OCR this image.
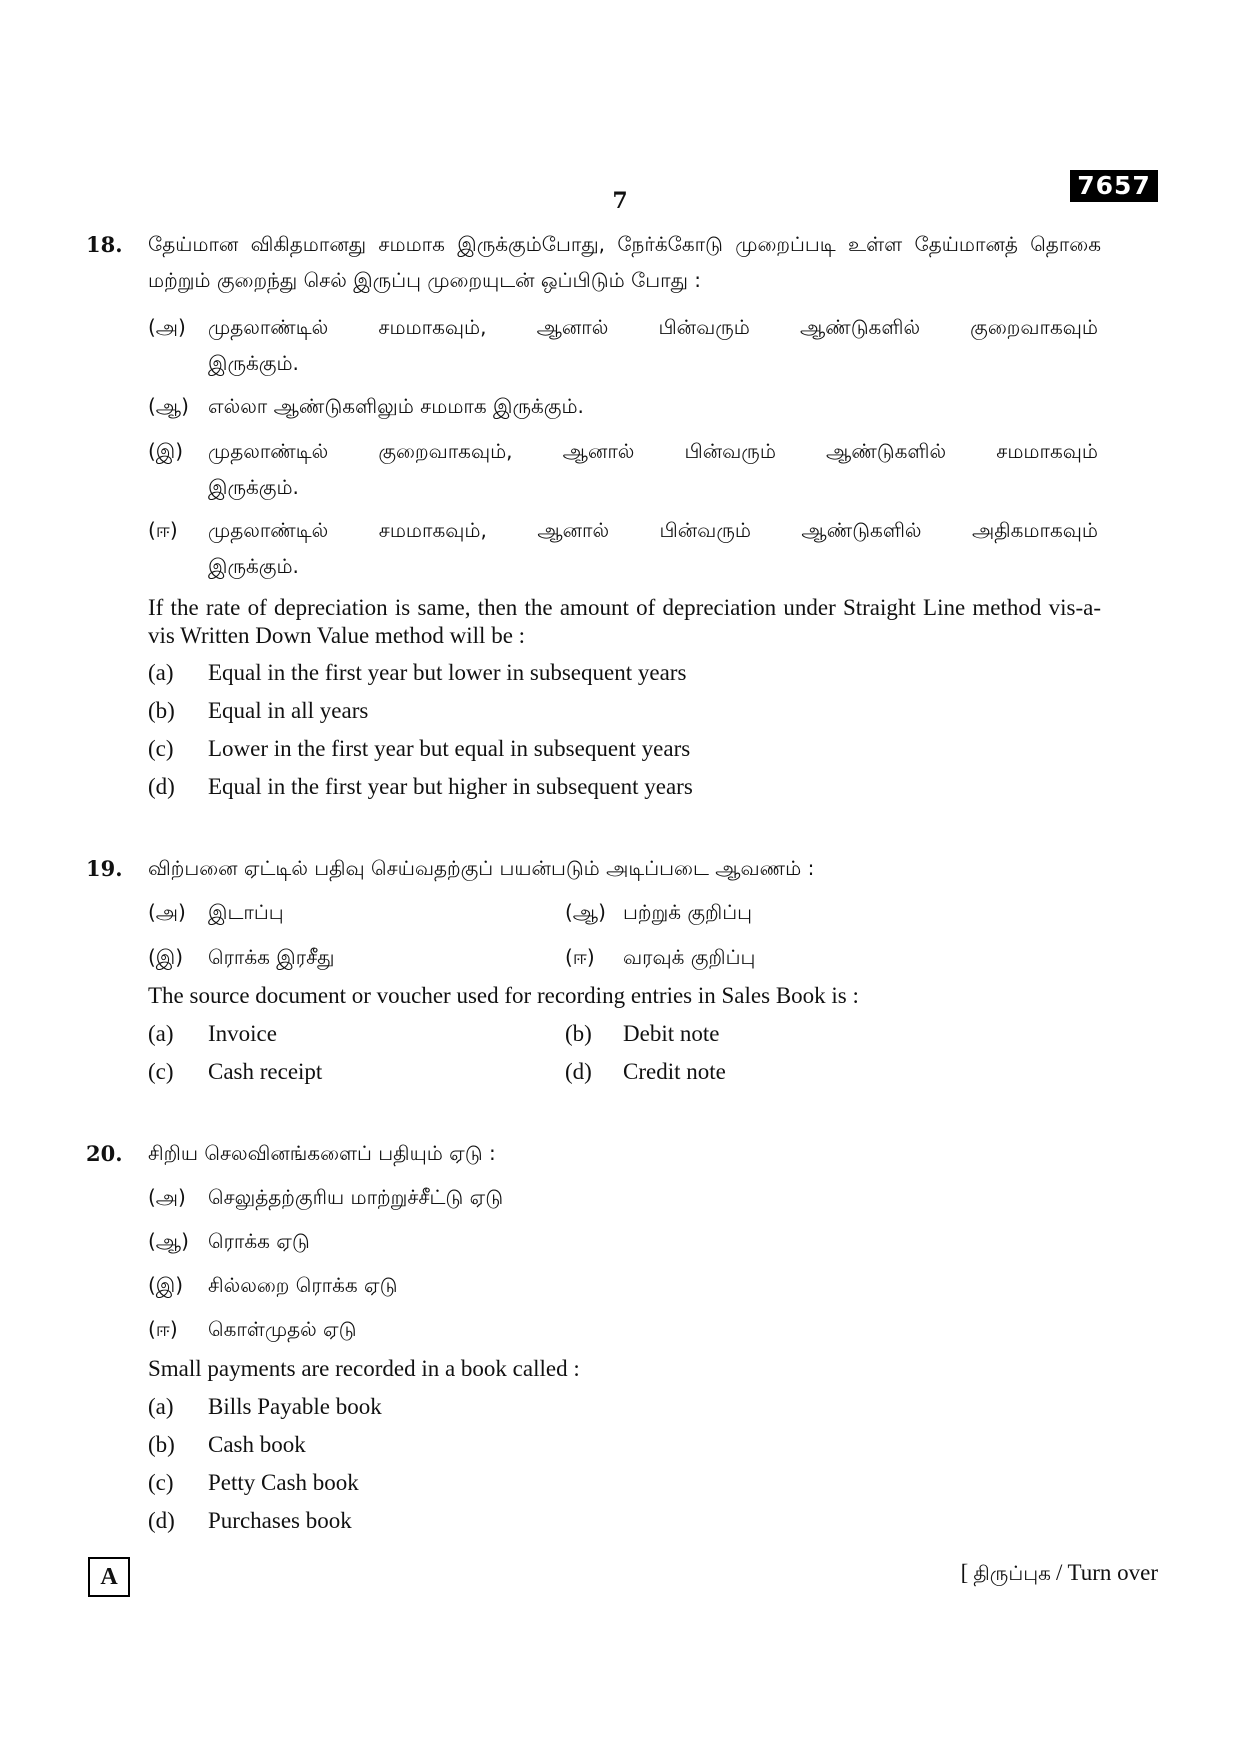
7657
7
18. தேய்மான விகிதமானது சமமாக இருக்கும்போது, நேர்க்கோடு முறைப்படி உள்ள தேய்மானத் தொகை மற்றும் குறைந்து செல் இருப்பு முறையுடன் ஒப்பிடும் போது :
(அ) முதலாண்டில் சமமாகவும், ஆனால் பின்வரும் ஆண்டுகளில் குறைவாகவும்
இருக்கும்.
(ஆ) எல்லா ஆண்டுகளிலும் சமமாக இருக்கும்.
(இ) முதலாண்டில் குறைவாகவும், ஆனால் பின்வரும் ஆண்டுகளில் சமமாகவும்
இருக்கும்.
(ஈ) முதலாண்டில் சமமாகவும், ஆனால் பின்வரும் ஆண்டுகளில் அதிகமாகவும்
இருக்கும்.
If the rate of depreciation is same, then the amount of depreciation under Straight Line method vis-a-vis Written Down Value method will be :
(a) Equal in the first year but lower in subsequent years
(b) Equal in all years
(c) Lower in the first year but equal in subsequent years
(d) Equal in the first year but higher in subsequent years
19. விற்பனை ஏட்டில் பதிவு செய்வதற்குப் பயன்படும் அடிப்படை ஆவணம் :
(அ) இடாப்பு	(ஆ) பற்றுக் குறிப்பு
(இ) ரொக்க இரசீது	(ஈ) வரவுக் குறிப்பு
The source document or voucher used for recording entries in Sales Book is :
(a) Invoice	(b) Debit note
(c) Cash receipt	(d) Credit note
20. சிறிய செலவினங்களைப் பதியும் ஏடு :
(அ) செலுத்தற்குரிய மாற்றுச்சீட்டு ஏடு
(ஆ) ரொக்க ஏடு
(இ) சில்லறை ரொக்க ஏடு
(ஈ) கொள்முதல் ஏடு
Small payments are recorded in a book called :
(a) Bills Payable book
(b) Cash book
(c) Petty Cash book
(d) Purchases book
A	[ திருப்புக / Turn over
